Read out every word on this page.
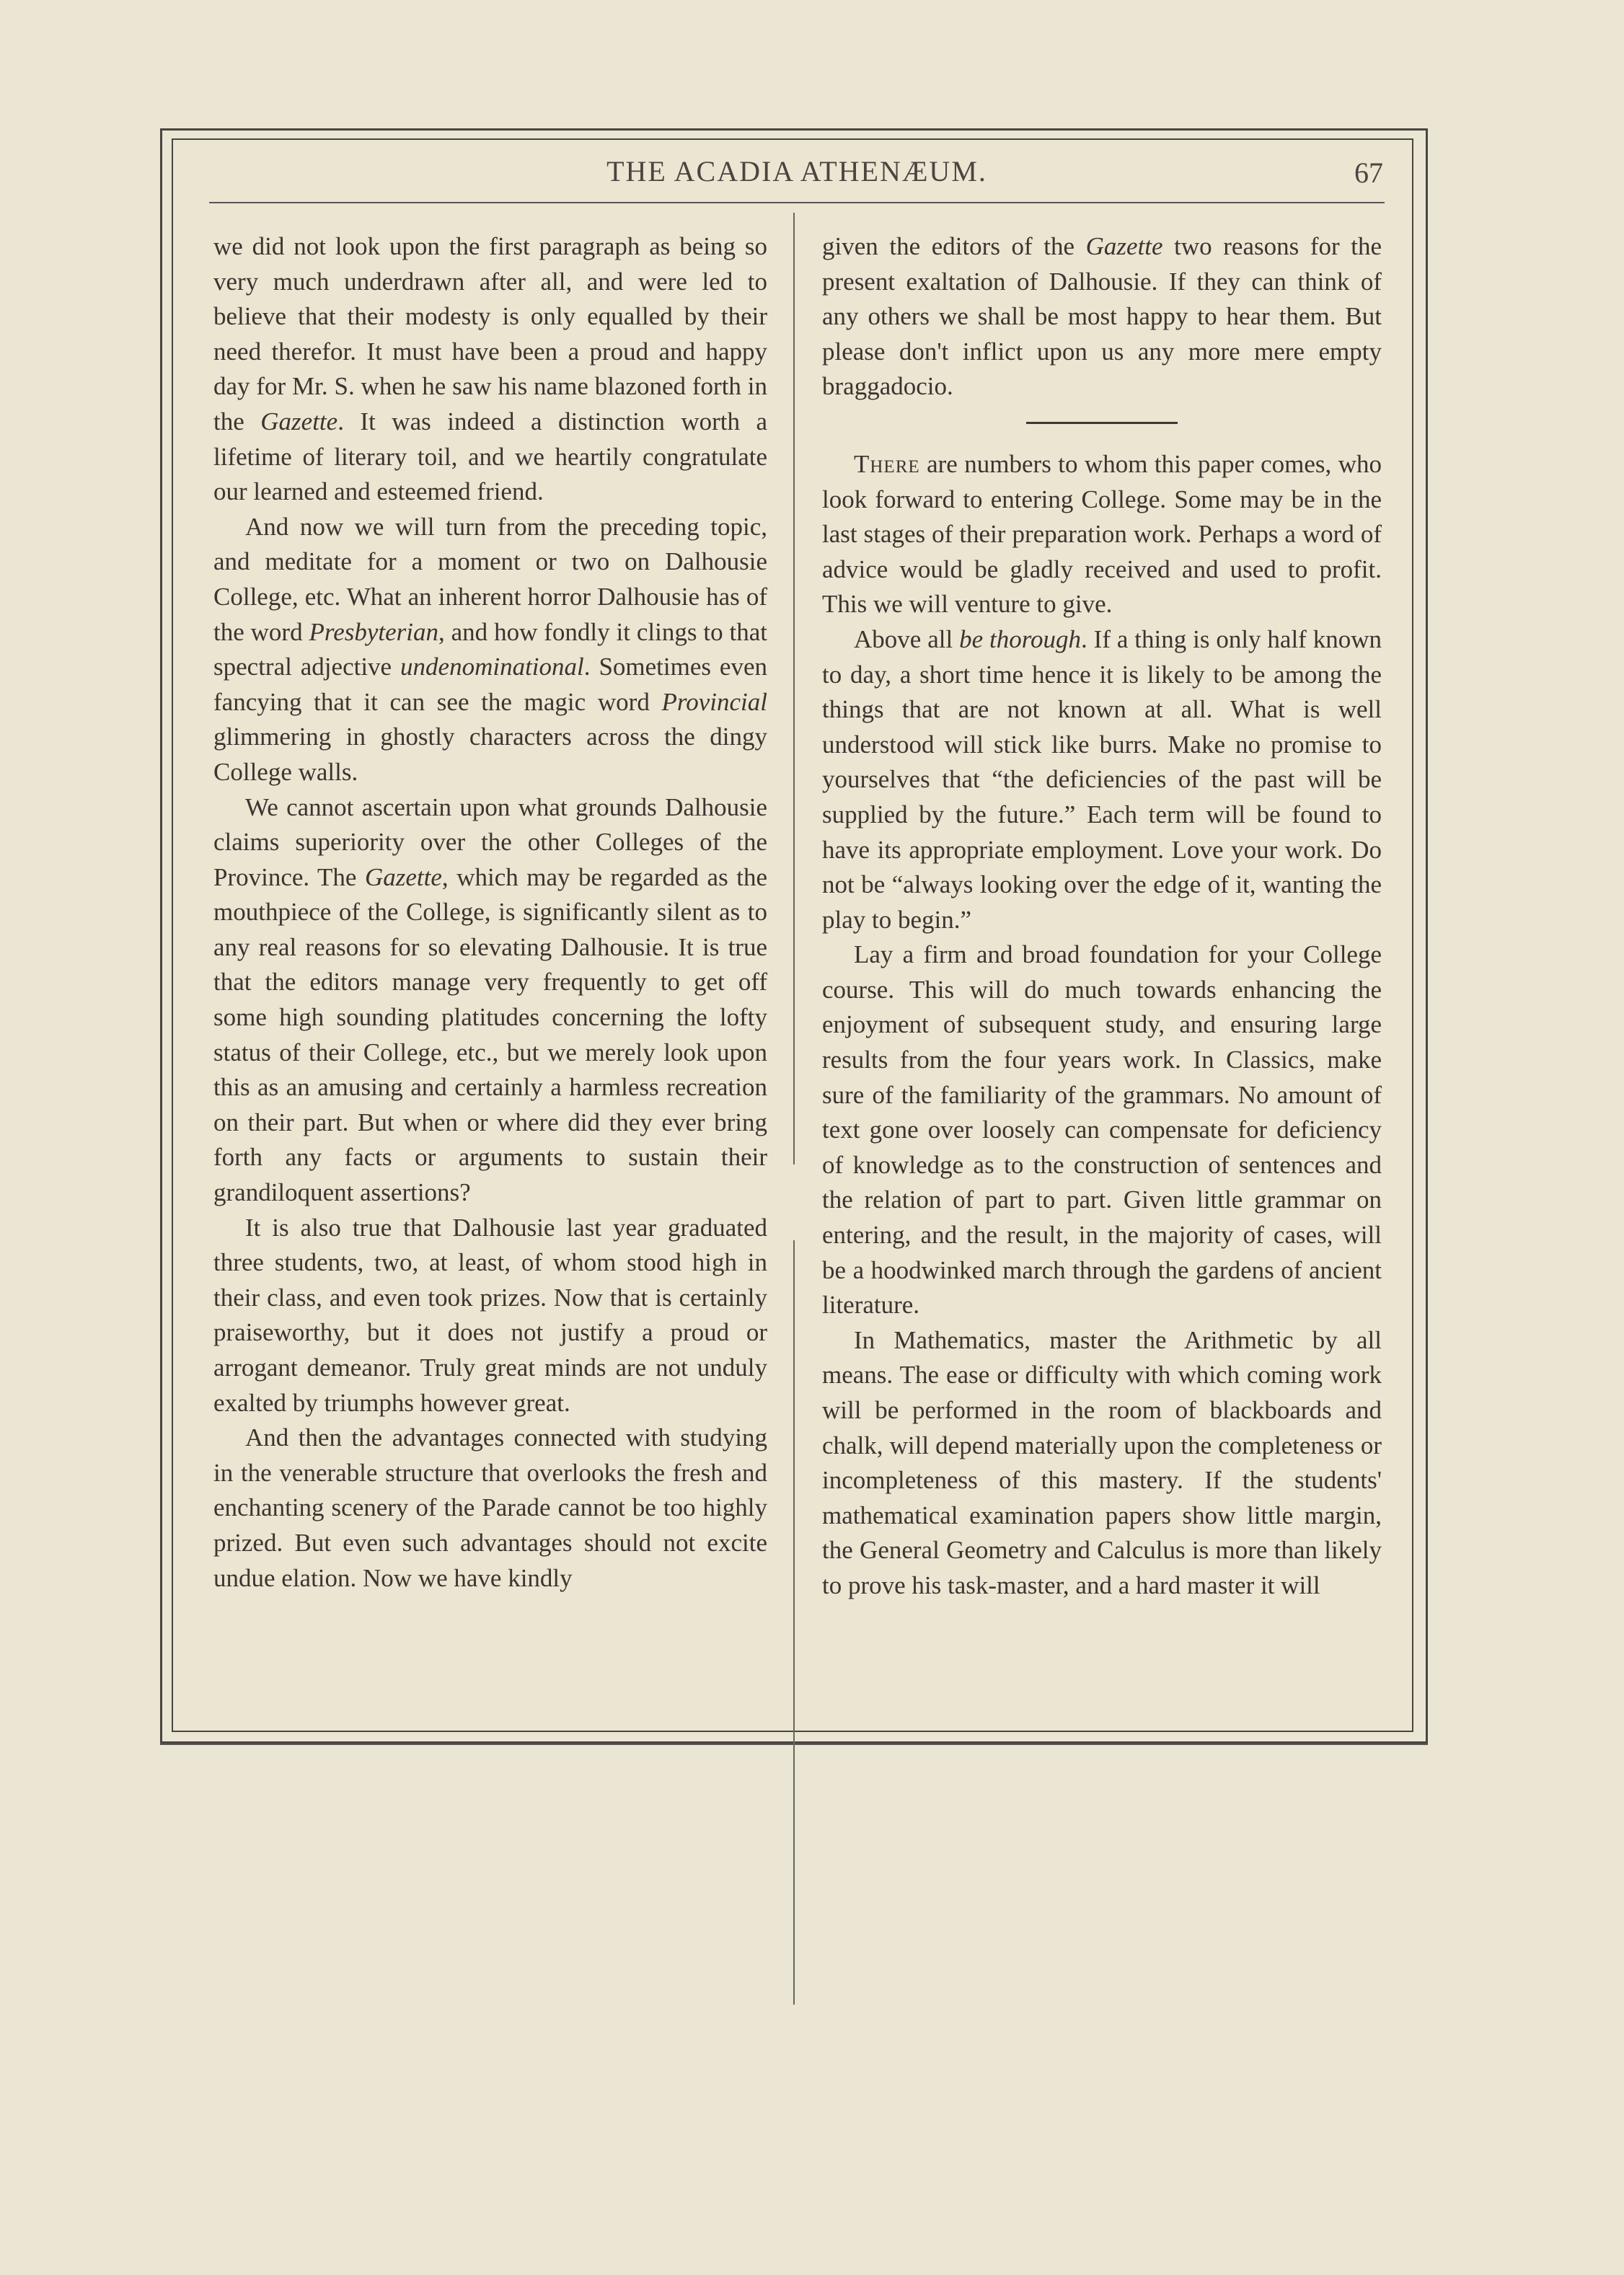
THE ACADIA ATHENÆUM.	67

we did not look upon the first paragraph as being so very much underdrawn after all, and were led to believe that their modesty is only equalled by their need therefor. It must have been a proud and happy day for Mr. S. when he saw his name blazoned forth in the Gazette. It was indeed a distinction worth a lifetime of literary toil, and we heartily congratulate our learned and esteemed friend.

And now we will turn from the preceding topic, and meditate for a moment or two on Dalhousie College, etc. What an inherent horror Dalhousie has of the word Presbyterian, and how fondly it clings to that spectral adjective undenominational. Sometimes even fancying that it can see the magic word Provincial glimmering in ghostly characters across the dingy College walls.

We cannot ascertain upon what grounds Dalhousie claims superiority over the other Colleges of the Province. The Gazette, which may be regarded as the mouthpiece of the College, is significantly silent as to any real reasons for so elevating Dalhousie. It is true that the editors manage very frequently to get off some high sounding platitudes concerning the lofty status of their College, etc., but we merely look upon this as an amusing and certainly a harmless recreation on their part. But when or where did they ever bring forth any facts or arguments to sustain their grandiloquent assertions?

It is also true that Dalhousie last year graduated three students, two, at least, of whom stood high in their class, and even took prizes. Now that is certainly praiseworthy, but it does not justify a proud or arrogant demeanor. Truly great minds are not unduly exalted by triumphs however great.

And then the advantages connected with studying in the venerable structure that overlooks the fresh and enchanting scenery of the Parade cannot be too highly prized. But even such advantages should not excite undue elation. Now we have kindly

given the editors of the Gazette two reasons for the present exaltation of Dalhousie. If they can think of any others we shall be most happy to hear them. But please don't inflict upon us any more mere empty braggadocio.

There are numbers to whom this paper comes, who look forward to entering College. Some may be in the last stages of their preparation work. Perhaps a word of advice would be gladly received and used to profit. This we will venture to give.

Above all be thorough. If a thing is only half known to day, a short time hence it is likely to be among the things that are not known at all. What is well understood will stick like burrs. Make no promise to yourselves that “the deficiencies of the past will be supplied by the future.” Each term will be found to have its appropriate employment. Love your work. Do not be “always looking over the edge of it, wanting the play to begin.”

Lay a firm and broad foundation for your College course. This will do much towards enhancing the enjoyment of subsequent study, and ensuring large results from the four years work. In Classics, make sure of the familiarity of the grammars. No amount of text gone over loosely can compensate for deficiency of knowledge as to the construction of sentences and the relation of part to part. Given little grammar on entering, and the result, in the majority of cases, will be a hoodwinked march through the gardens of ancient literature.

In Mathematics, master the Arithmetic by all means. The ease or difficulty with which coming work will be performed in the room of blackboards and chalk, will depend materially upon the completeness or incompleteness of this mastery. If the students' mathematical examination papers show little margin, the General Geometry and Calculus is more than likely to prove his task-master, and a hard master it will
